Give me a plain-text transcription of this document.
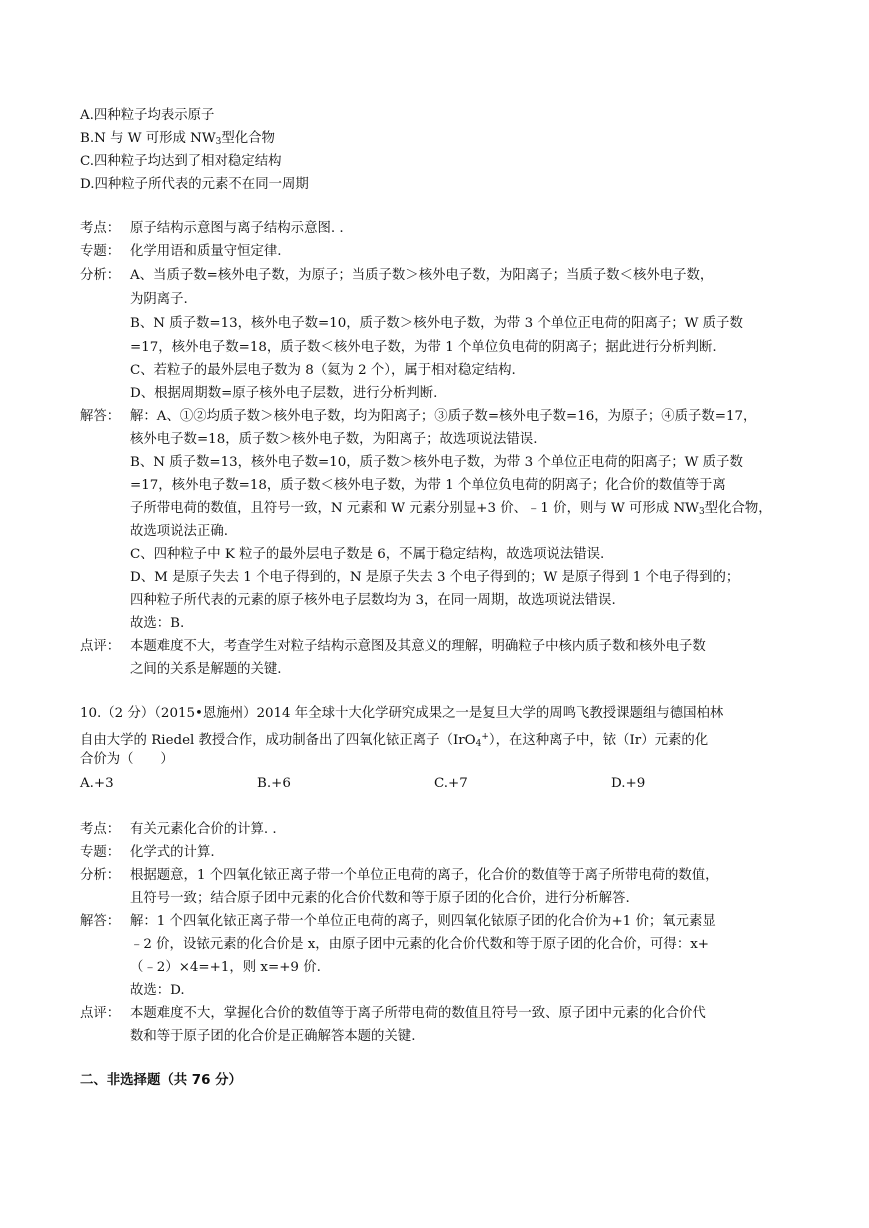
A.四种粒子均表示原子
B.N 与 W 可形成 $NW_3$型化合物
C.四种粒子均达到了相对稳定结构
D.四种粒子所代表的元素不在同一周期
考点： 原子结构示意图与离子结构示意图. .
专题： 化学用语和质量守恒定律.
分析： A、当质子数=核外电子数，为原子；当质子数＞核外电子数，为阳离子；当质子数＜核外电子数，
为阴离子.
B、N 质子数=13，核外电子数=10，质子数＞核外电子数，为带 3 个单位正电荷的阳离子；W 质子数
=17，核外电子数=18，质子数＜核外电子数，为带 1 个单位负电荷的阴离子；据此进行分析判断.
C、若粒子的最外层电子数为 8（氦为 2 个），属于相对稳定结构.
D、根据周期数=原子核外电子层数，进行分析判断.
解答： 解：A、①②均质子数＞核外电子数，均为阳离子；③质子数=核外电子数=16，为原子；④质子数=17，
核外电子数=18，质子数＞核外电子数，为阳离子；故选项说法错误.
B、N 质子数=13，核外电子数=10，质子数＞核外电子数，为带 3 个单位正电荷的阳离子；W 质子数
=17，核外电子数=18，质子数＜核外电子数，为带 1 个单位负电荷的阴离子；化合价的数值等于离
子所带电荷的数值，且符号一致，N 元素和 W 元素分别显+3 价、﹣1 价，则与 W 可形成 $NW_3$型化合物，
故选项说法正确.
C、四种粒子中 K 粒子的最外层电子数是 6，不属于稳定结构，故选项说法错误.
D、M 是原子失去 1 个电子得到的，N 是原子失去 3 个电子得到的；W 是原子得到 1 个电子得到的；
四种粒子所代表的元素的原子核外电子层数均为 3，在同一周期，故选项说法错误.
故选：B.
点评： 本题难度不大，考查学生对粒子结构示意图及其意义的理解，明确粒子中核内质子数和核外电子数
之间的关系是解题的关键.
10.（2 分）（2015•恩施州）2014 年全球十大化学研究成果之一是复旦大学的周鸣飞教授课题组与德国柏林
自由大学的 Riedel 教授合作，成功制备出了四氧化铱正离子（IrO$_4$+），在这种离子中，铱（Ir）元素的化
合价为（　　）
A.+3	B.+6	C.+7	D.+9
考点： 有关元素化合价的计算. .
专题： 化学式的计算.
分析： 根据题意，1 个四氧化铱正离子带一个单位正电荷的离子，化合价的数值等于离子所带电荷的数值，
且符号一致；结合原子团中元素的化合价代数和等于原子团的化合价，进行分析解答.
解答： 解：1 个四氧化铱正离子带一个单位正电荷的离子，则四氧化铱原子团的化合价为+1 价；氧元素显
﹣2 价，设铱元素的化合价是 x，由原子团中元素的化合价代数和等于原子团的化合价，可得：x+
（﹣2）×4=+1，则 x=+9 价.
故选：D.
点评： 本题难度不大，掌握化合价的数值等于离子所带电荷的数值且符号一致、原子团中元素的化合价代
数和等于原子团的化合价是正确解答本题的关键.
二、非选择题（共 76 分）
